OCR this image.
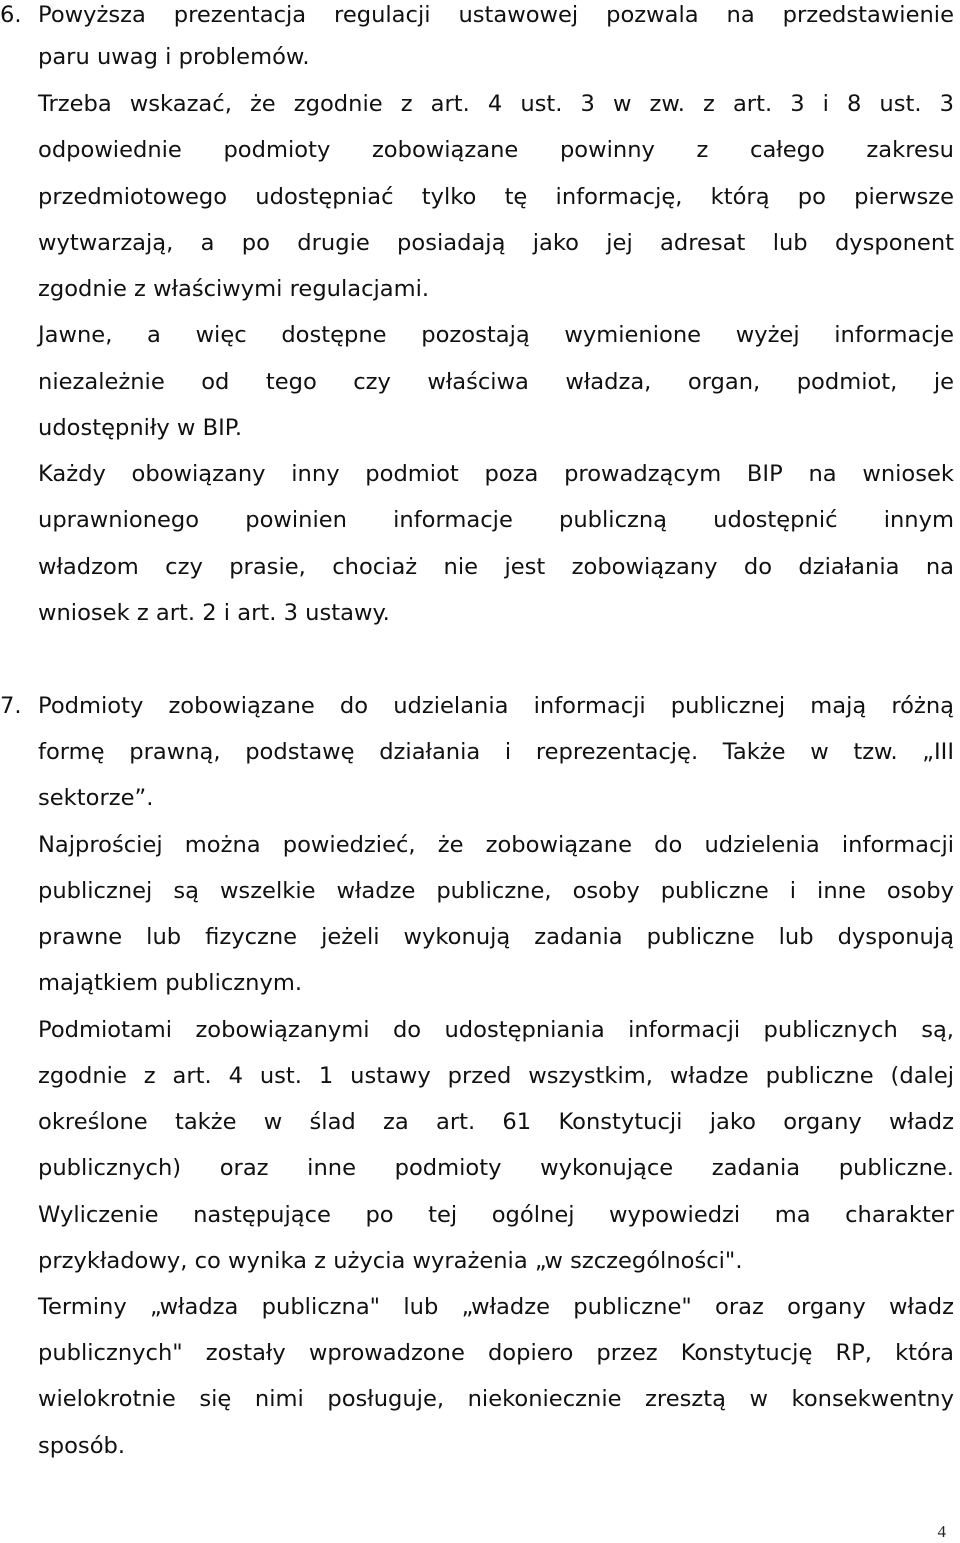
6. Powyższa prezentacja regulacji ustawowej pozwala na przedstawienie
paru uwag i problemów.
Trzeba wskazać, że zgodnie z art. 4 ust. 3 w zw. z art. 3 i 8 ust. 3
odpowiednie podmioty zobowiązane powinny z całego zakresu
przedmiotowego udostępniać tylko tę informację, którą po pierwsze
wytwarzają, a po drugie posiadają jako jej adresat lub dysponent
zgodnie z właściwymi regulacjami.
Jawne, a więc dostępne pozostają wymienione wyżej informacje
niezależnie od tego czy właściwa władza, organ, podmiot, je
udostępniły w BIP.
Każdy obowiązany inny podmiot poza prowadzącym BIP na wniosek
uprawnionego powinien informacje publiczną udostępnić innym
władzom czy prasie, chociaż nie jest zobowiązany do działania na
wniosek z art. 2 i art. 3 ustawy.
7. Podmioty zobowiązane do udzielania informacji publicznej mają różną
formę prawną, podstawę działania i reprezentację. Także w tzw. „III
sektorze”.
Najprościej można powiedzieć, że zobowiązane do udzielenia informacji
publicznej są wszelkie władze publiczne, osoby publiczne i inne osoby
prawne lub fizyczne jeżeli wykonują zadania publiczne lub dysponują
majątkiem publicznym.
Podmiotami zobowiązanymi do udostępniania informacji publicznych są,
zgodnie z art. 4 ust. 1 ustawy przed wszystkim, władze publiczne (dalej
określone także w ślad za art. 61 Konstytucji jako organy władz
publicznych) oraz inne podmioty wykonujące zadania publiczne.
Wyliczenie następujące po tej ogólnej wypowiedzi ma charakter
przykładowy, co wynika z użycia wyrażenia „w szczególności".
Terminy „władza publiczna" lub „władze publiczne" oraz organy władz
publicznych" zostały wprowadzone dopiero przez Konstytucję RP, która
wielokrotnie się nimi posługuje, niekoniecznie zresztą w konsekwentny
sposób.
4
